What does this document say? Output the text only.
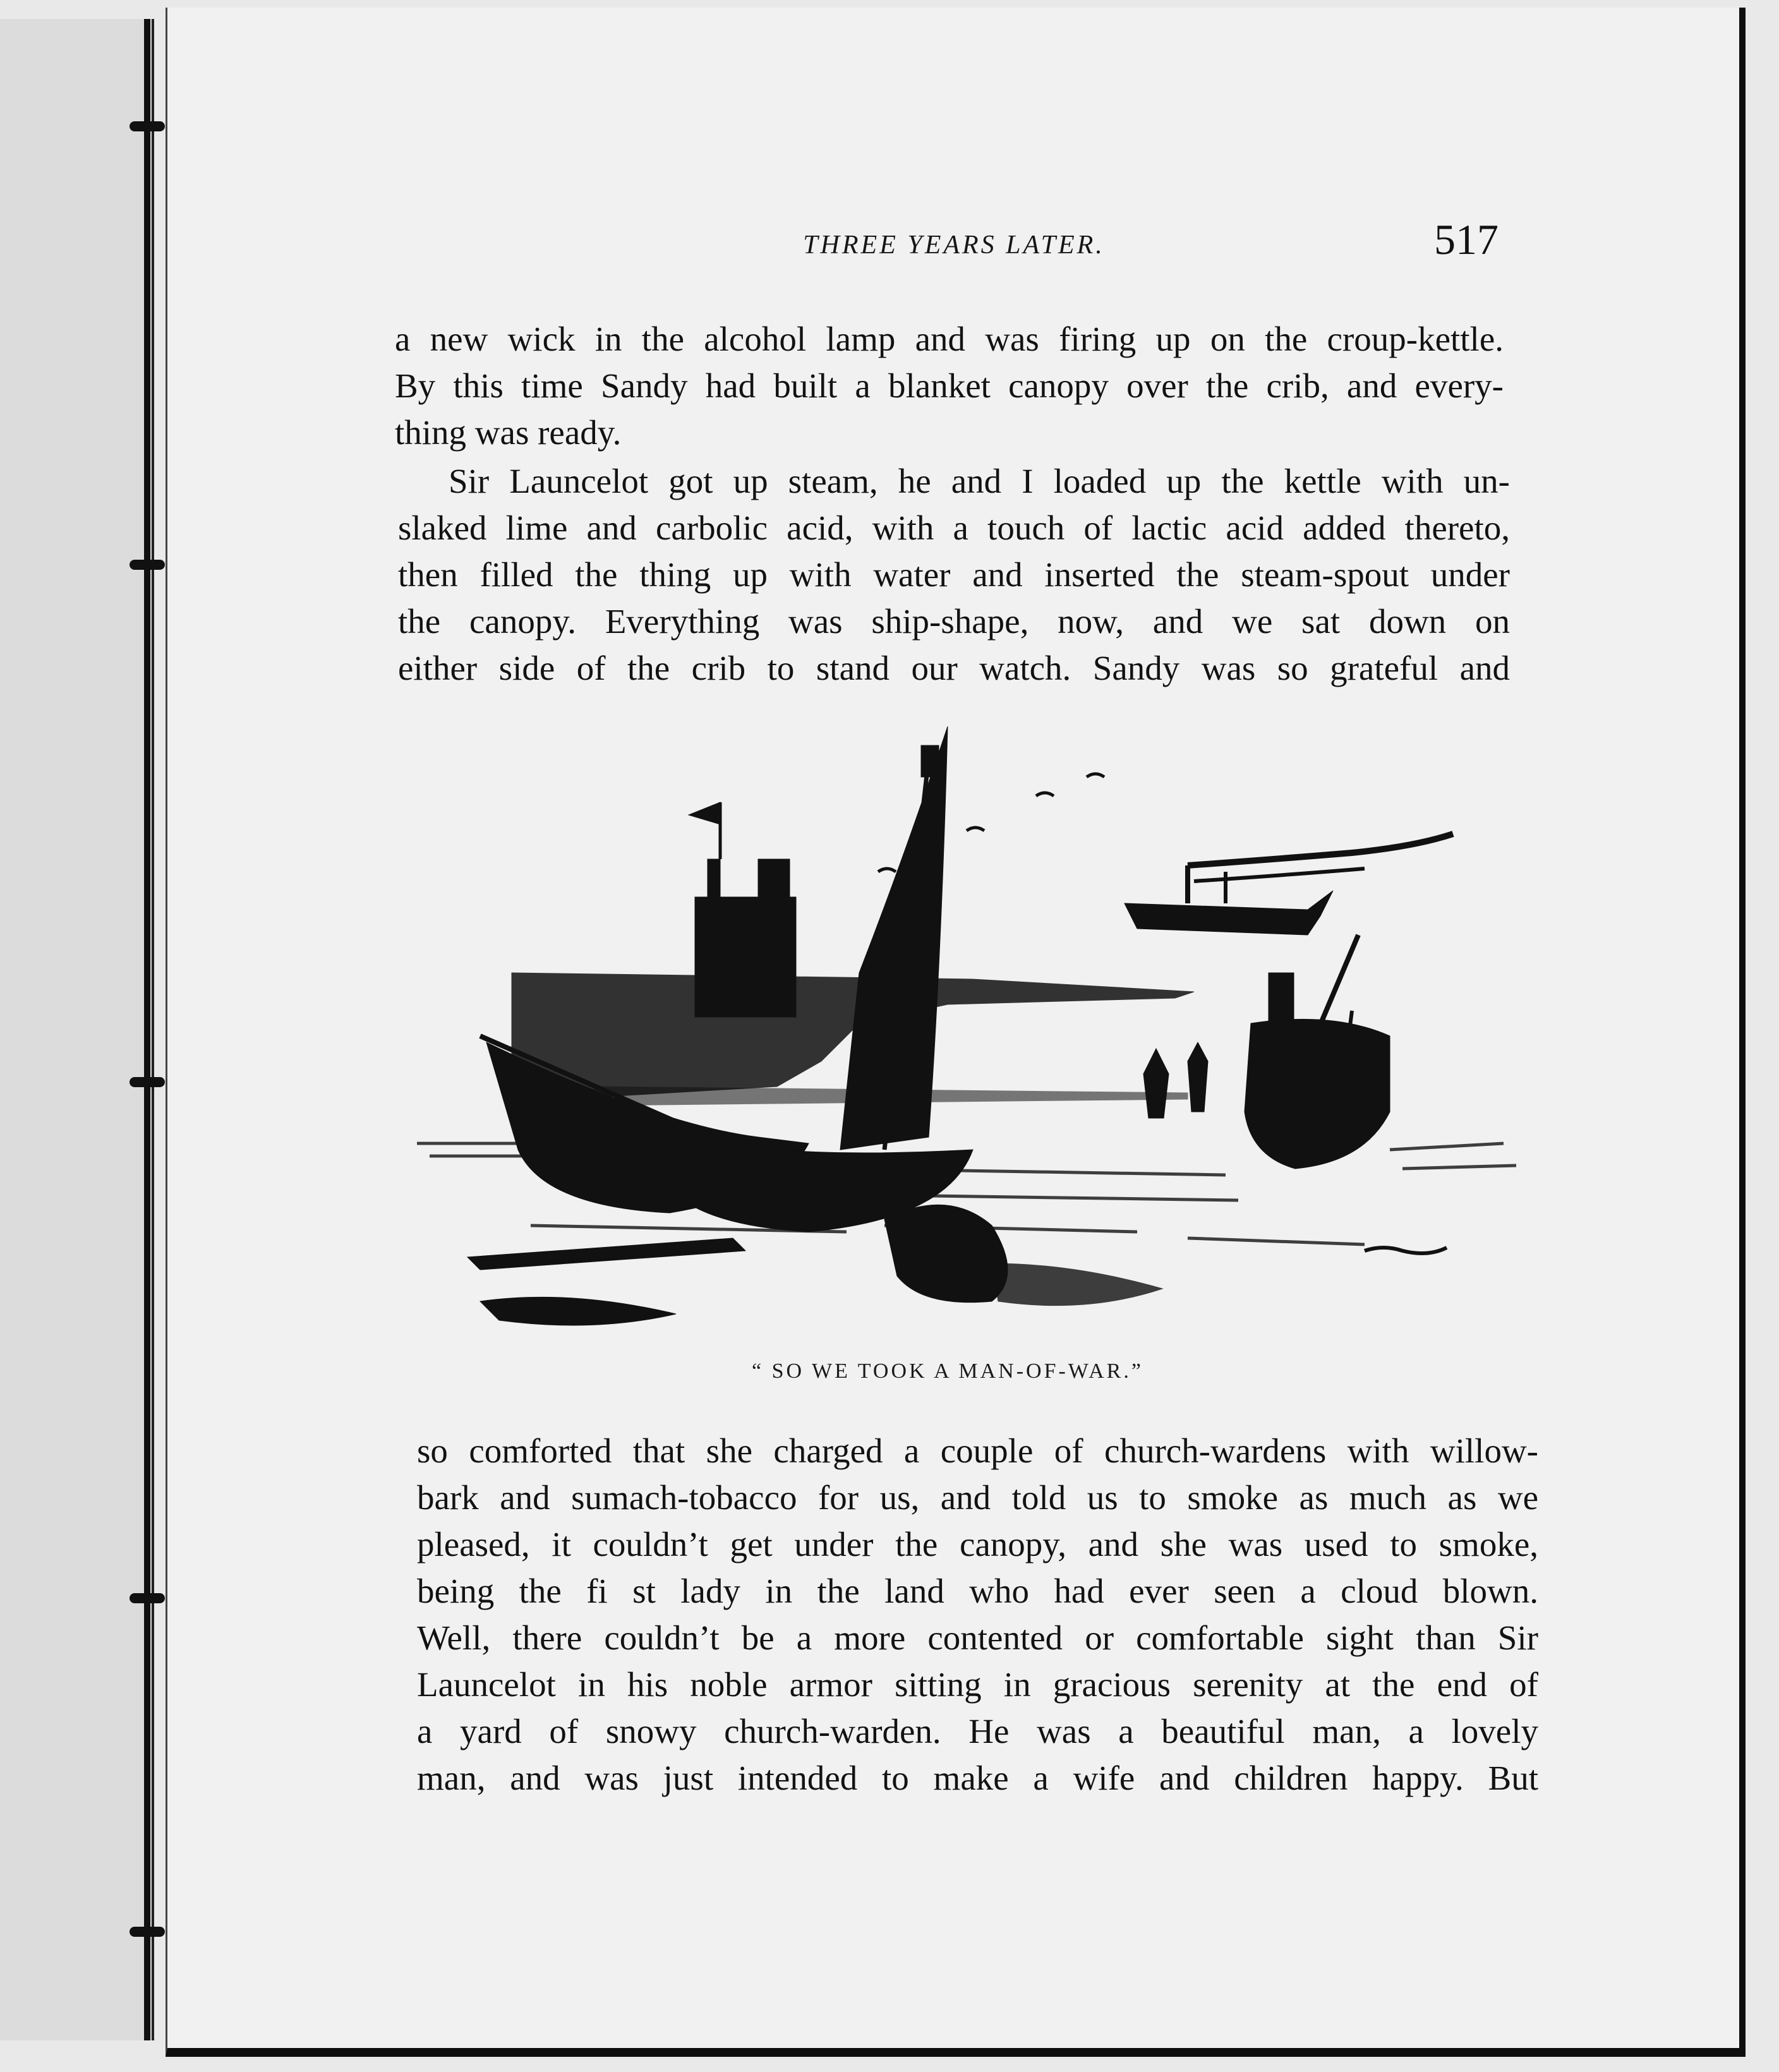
THREE YEARS LATER.	517

a new wick in the alcohol lamp and was firing up on the croup-kettle.
By this time Sandy had built a blanket canopy over the crib, and every-
thing was ready.

Sir Launcelot got up steam, he and I loaded up the kettle with un-
slaked lime and carbolic acid, with a touch of lactic acid added thereto,
then filled the thing up with water and inserted the steam-spout under
the canopy. Everything was ship-shape, now, and we sat down on
either side of the crib to stand our watch. Sandy was so grateful and

“ SO WE TOOK A MAN-OF-WAR.”

so comforted that she charged a couple of church-wardens with willow-
bark and sumach-tobacco for us, and told us to smoke as much as we
pleased, it couldn’t get under the canopy, and she was used to smoke,
being the fi st lady in the land who had ever seen a cloud blown.
Well, there couldn’t be a more contented or comfortable sight than Sir
Launcelot in his noble armor sitting in gracious serenity at the end of
a yard of snowy church-warden. He was a beautiful man, a lovely
man, and was just intended to make a wife and children happy. But
